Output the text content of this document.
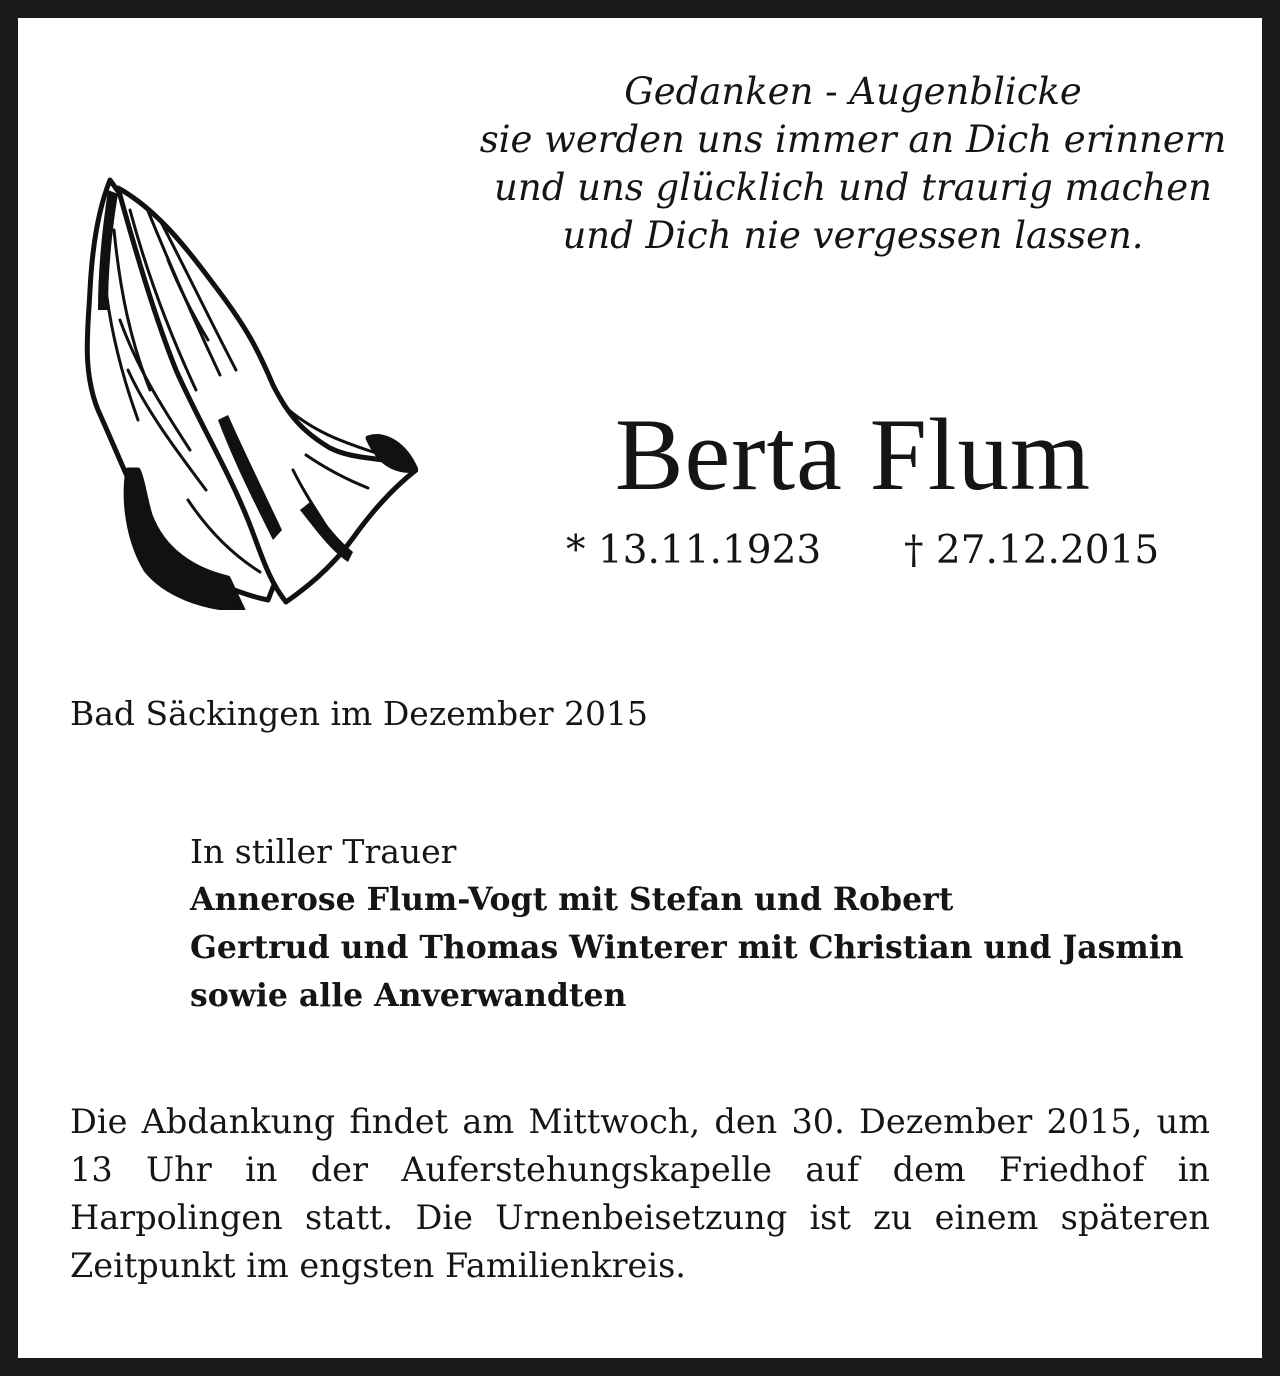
Gedanken - Augenblicke
sie werden uns immer an Dich erinnern
und uns glücklich und traurig machen
und Dich nie vergessen lassen.
Berta Flum
* 13.11.1923 † 27.12.2015
Bad Säckingen im Dezember 2015
In stiller Trauer
Annerose Flum-Vogt mit Stefan und Robert
Gertrud und Thomas Winterer mit Christian und Jasmin
sowie alle Anverwandten
Die Abdankung findet am Mittwoch, den 30. Dezember 2015, um 13 Uhr in der Auferstehungskapelle auf dem Friedhof in Harpolingen statt. Die Urnenbeisetzung ist zu einem späteren Zeitpunkt im engsten Familienkreis.
